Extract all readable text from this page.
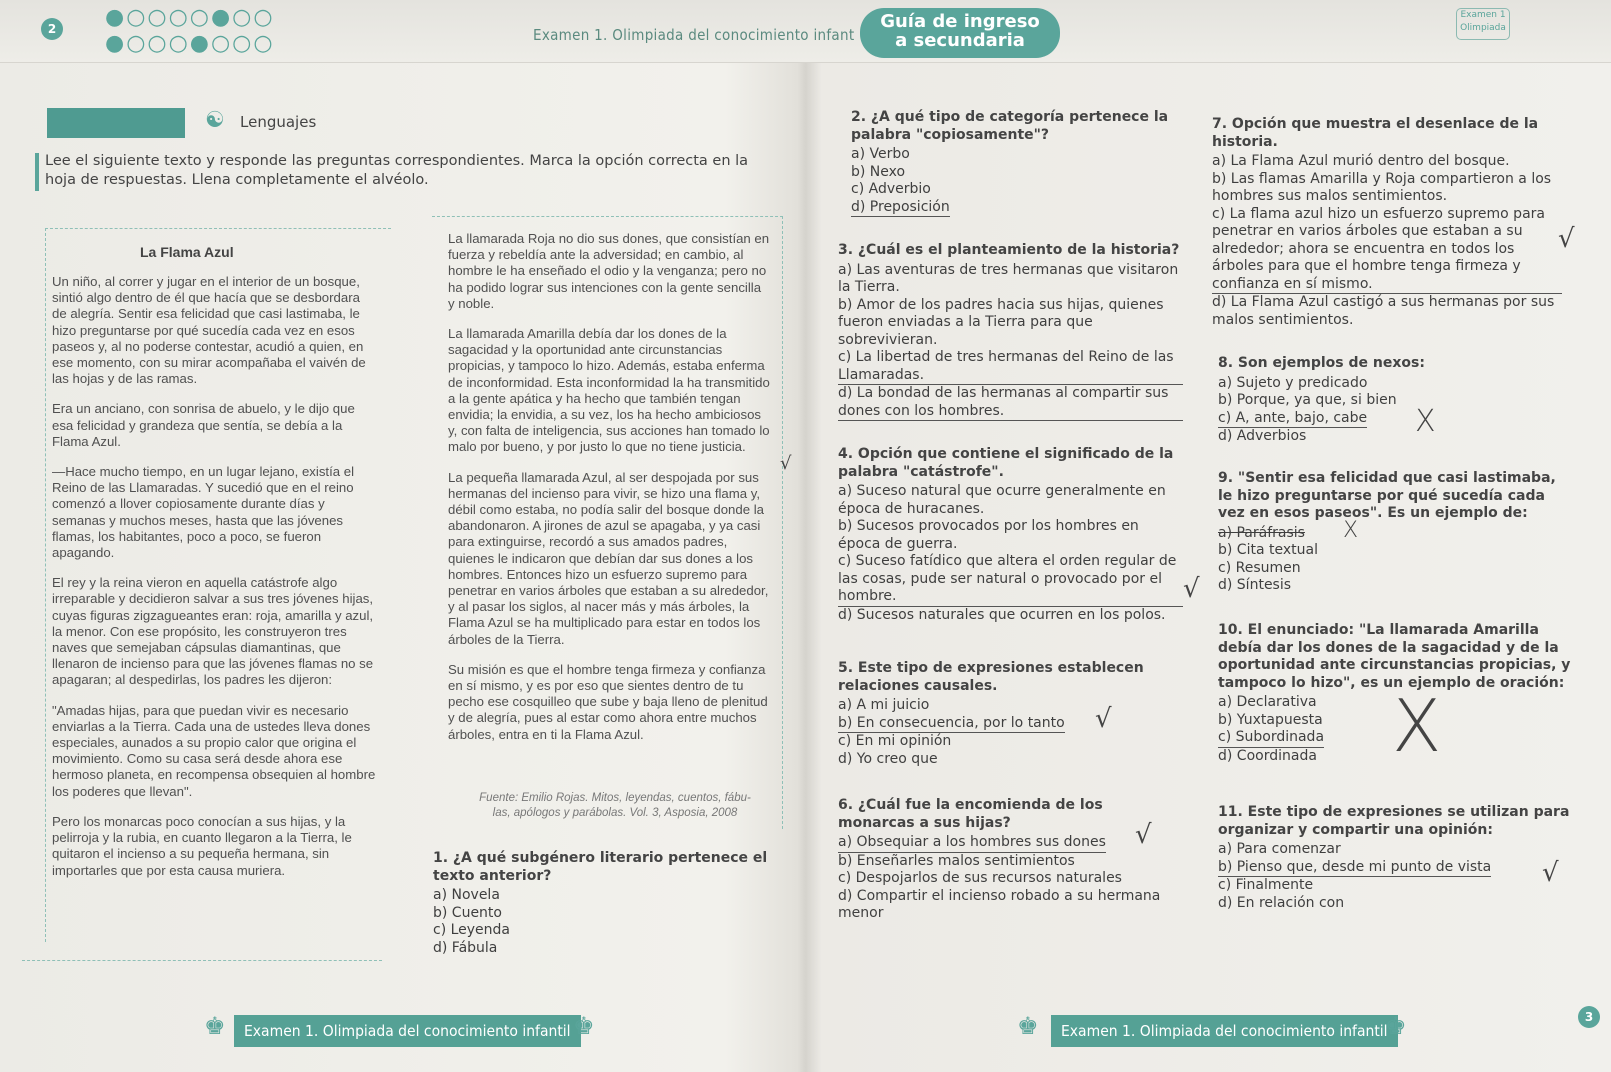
2	●○○○○●○○
●○○○●○○○	Examen 1. Olimpiada del conocimiento infant
Guía de ingreso
a secundaria
Examen 1
Olimpiada
3
☯ Lenguajes
Lee el siguiente texto y responde las preguntas correspondientes. Marca la opción correcta en la hoja de respuestas. Llena completamente el alvéolo.
La Flama Azul

Un niño, al correr y jugar en el interior de un bosque, sintió algo dentro de él que hacía que se desbordara de alegría. Sentir esa felicidad que casi lastimaba, le hizo preguntarse por qué sucedía cada vez en esos paseos y, al no poderse contestar, acudió a quien, en ese momento, con su mirar acompañaba el vaivén de las hojas y de las ramas.

Era un anciano, con sonrisa de abuelo, y le dijo que esa felicidad y grandeza que sentía, se debía a la Flama Azul.

—Hace mucho tiempo, en un lugar lejano, existía el Reino de las Llamaradas. Y sucedió que en el reino comenzó a llover copiosamente durante días y semanas y muchos meses, hasta que las jóvenes flamas, los habitantes, poco a poco, se fueron apagando.

El rey y la reina vieron en aquella catástrofe algo irreparable y decidieron salvar a sus tres jóvenes hijas, cuyas figuras zigzagueantes eran: roja, amarilla y azul, la menor. Con ese propósito, les construyeron tres naves que semejaban cápsulas diamantinas, que llenaron de incienso para que las jóvenes flamas no se apagaran; al despedirlas, los padres les dijeron:

"Amadas hijas, para que puedan vivir es necesario enviarlas a la Tierra. Cada una de ustedes lleva dones especiales, aunados a su propio calor que origina el movimiento. Como su casa será desde ahora ese hermoso planeta, en recompensa obsequien al hombre los poderes que llevan".

Pero los monarcas poco conocían a sus hijas, y la pelirroja y la rubia, en cuanto llegaron a la Tierra, le quitaron el incienso a su pequeña hermana, sin importarles que por esta causa muriera.

La llamarada Roja no dio sus dones, que consistían en fuerza y rebeldía ante la adversidad; en cambio, al hombre le ha enseñado el odio y la venganza; pero no ha podido lograr sus intenciones con la gente sencilla y noble.

La llamarada Amarilla debía dar los dones de la sagacidad y la oportunidad ante circunstancias propicias, y tampoco lo hizo. Además, estaba enferma de inconformidad. Esta inconformidad la ha transmitido a la gente apática y ha hecho que también tengan envidia; la envidia, a su vez, los ha hecho ambiciosos y, con falta de inteligencia, sus acciones han tomado lo malo por bueno, y por justo lo que no tiene justicia.

La pequeña llamarada Azul, al ser despojada por sus hermanas del incienso para vivir, se hizo una flama y, débil como estaba, no podía salir del bosque donde la abandonaron. A jirones de azul se apagaba, y ya casi para extinguirse, recordó a sus amados padres, quienes le indicaron que debían dar sus dones a los hombres. Entonces hizo un esfuerzo supremo para penetrar en varios árboles que estaban a su alrededor, y al pasar los siglos, al nacer más y más árboles, la Flama Azul se ha multiplicado para estar en todos los árboles de la Tierra.

Su misión es que el hombre tenga firmeza y confianza en sí mismo, y es por eso que sientes dentro de tu pecho ese cosquilleo que sube y baja lleno de plenitud y de alegría, pues al estar como ahora entre muchos árboles, entra en ti la Flama Azul.

Fuente: Emilio Rojas. Mitos, leyendas, cuentos, fábu-
las, apólogos y parábolas. Vol. 3, Asposia, 2008
1. ¿A qué subgénero literario pertenece el texto anterior?
a) Novela
b) Cuento
c) Leyenda
d) Fábula
2. ¿A qué tipo de categoría pertenece la palabra "copiosamente"?
a) Verbo
b) Nexo
c) Adverbio
d) Preposición
3. ¿Cuál es el planteamiento de la historia?
a) Las aventuras de tres hermanas que visitaron la Tierra.
b) Amor de los padres hacia sus hijas, quienes fueron enviadas a la Tierra para que sobrevivieran.
c) La libertad de tres hermanas del Reino de las Llamaradas.
d) La bondad de las hermanas al compartir sus dones con los hombres.
4. Opción que contiene el significado de la palabra "catástrofe".
a) Suceso natural que ocurre generalmente en época de huracanes.
b) Sucesos provocados por los hombres en época de guerra.
c) Suceso fatídico que altera el orden regular de las cosas, pude ser natural o provocado por el hombre.
d) Sucesos naturales que ocurren en los polos.
5. Este tipo de expresiones establecen relaciones causales.
a) A mi juicio
b) En consecuencia, por lo tanto
c) En mi opinión
d) Yo creo que
6. ¿Cuál fue la encomienda de los monarcas a sus hijas?
a) Obsequiar a los hombres sus dones
b) Enseñarles malos sentimientos
c) Despojarlos de sus recursos naturales
d) Compartir el incienso robado a su hermana menor
7. Opción que muestra el desenlace de la historia.
a) La Flama Azul murió dentro del bosque.
b) Las flamas Amarilla y Roja compartieron a los hombres sus malos sentimientos.
c) La flama azul hizo un esfuerzo supremo para penetrar en varios árboles que estaban a su alrededor; ahora se encuentra en todos los árboles para que el hombre tenga firmeza y confianza en sí mismo.
d) La Flama Azul castigó a sus hermanas por sus malos sentimientos.
8. Son ejemplos de nexos:
a) Sujeto y predicado
b) Porque, ya que, si bien
c) A, ante, bajo, cabe
d) Adverbios
9. "Sentir esa felicidad que casi lastimaba, le hizo preguntarse por qué sucedía cada vez en esos paseos". Es un ejemplo de:
a) Paráfrasis
b) Cita textual
c) Resumen
d) Síntesis
10. El enunciado: "La llamarada Amarilla debía dar los dones de la sagacidad y de la oportunidad ante circunstancias propicias, y tampoco lo hizo", es un ejemplo de oración:
a) Declarativa
b) Yuxtapuesta
c) Subordinada
d) Coordinada
11. Este tipo de expresiones se utilizan para organizar y compartir una opinión:
a) Para comenzar
b) Pienso que, desde mi punto de vista
c) Finalmente
d) En relación con
√
√
√
√
√
√
X
X
X
♚	Examen 1. Olimpiada del conocimiento infantil ♚	♚	Examen 1. Olimpiada del conocimiento infantil
♚
